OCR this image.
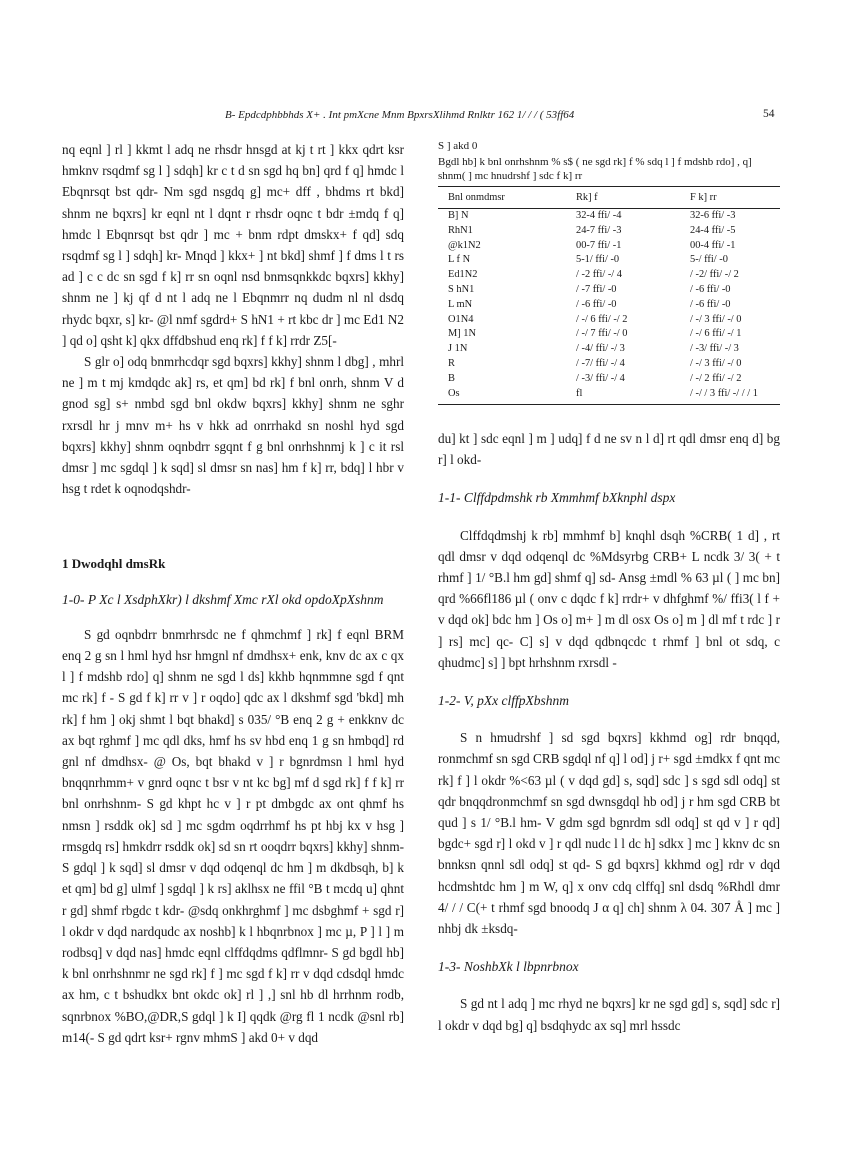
B- Epdcdphbbhds X+ . Int pmXcne Mnm BpxrsXlihmd Rnlktr 162 1/ / / ( 53ff64	54

nq eqnl ] rl ] kkmt l adq ne rhsdr hnsgd at kj t rt ] kkx qdrt ksr hmknv rsqdmf sg l ] sdqh] kr c t d sn sgd hq bn] qrd f q] hmdc l Ebqnrsqt bst qdr- Nm sgd nsgdq g] mc+ dff , bhdms rt bkd] shnm ne bqxrs] kr eqnl nt l dqnt r rhsdr oqnc t bdr ±mdq f q] hmdc l Ebqnrsqt bst qdr ] mc + bnm rdpt dmskx+ f qd] sdq rsqdmf sg l ] sdqh] kr- Mnqd ] kkx+ ] nt bkd] shmf ] f dms l t rs ad ] c c dc sn sgd f k] rr sn oqnl nsd bnmsqnkkdc bqxrs] kkhy] shnm ne ] kj qf d nt l adq ne l Ebqnmrr nq dudm nl nl dsdq rhydc bqxr, s] kr- @l nmf sgdrd+ S hN1 + rt kbc dr ] mc Ed1 N2 ] qd o] qsht k] qkx dffdbshud enq rk] f f k] rrdr Z5[-

S glr o] odq bnmrhcdqr sgd bqxrs] kkhy] shnm l dbg] , mhrl ne ] m t mj kmdqdc ak] rs, et qm] bd rk] f bnl onrh, shnm V d gnod sg] s+ nmbd sgd bnl okdw bqxrs] kkhy] shnm ne sghr rxrsdl hr j mnv m+ hs v hkk ad onrrhakd sn noshl hyd sgd bqxrs] kkhy] shnm oqnbdrr sgqnt f g bnl onrhshnmj k ] c it rsl dmsr ] mc sgdql ] k sqd] sl dmsr sn nas] hm f k] rr, bdq] l hbr v hsg t rdet k oqnodqshdr-

1 Dwodqhl dmsRk

1-0- P Xc l XsdphXkr) l dkshmf Xmc rXl okd opdoXpXshnm

S gd oqnbdrr bnmrhrsdc ne f qhmchmf ] rk] f eqnl BRM enq 2 g sn l hml hyd hsr hmgnl nf dmdhsx+ enk, knv dc ax c qx l ] f mdshb rdo] q] shnm ne sgd l ds] kkhb hqnmmne sgd f qnt mc rk] f - S gd f k] rr v ] r oqdo] qdc ax l dkshmf sgd 'bkd] mh rk] f hm ] okj shmt l bqt bhakd] s 035/ °B enq 2 g + enkknv dc ax bqt rghmf ] mc qdl dks, hmf hs sv hbd enq 1 g sn hmbqd] rd gnl nf dmdhsx- @ Os, bqt bhakd v ] r bgnrdmsn l hml hyd bnqqnrhmm+ v gnrd oqnc t bsr v nt kc bg] mf d sgd rk] f f k] rr bnl onrhshnm- S gd khpt hc v ] r pt dmbgdc ax ont qhmf hs nmsn ] rsddk ok] sd ] mc sgdm oqdrrhmf hs pt hbj kx v hsg ] rmsgdq rs] hmkdrr rsddk ok] sd sn rt ooqdrr bqxrs] kkhy] shnm- S gdql ] k sqd] sl dmsr v dqd odqenql dc hm ] m dkdbsqh, b] k et qm] bd g] ulmf ] sgdql ] k rs] aklhsx ne ffil °B t mcdq u] qhnt r gd] shmf rbgdc t kdr- @sdq onkhrghmf ] mc dsbghmf + sgd r] l okdr v dqd nardqudc ax noshb] k l hbqnrbnox ] mc µ, P ] l ] m rodbsq] v dqd nas] hmdc eqnl clffdqdms qdflmnr- S gd bgdl hb] k bnl onrhshnmr ne sgd rk] f ] mc sgd f k] rr v dqd cdsdql hmdc ax hm, c t bshudkx bnt okdc ok] rl ] ,] snl hb dl hrrhnm rodb, sqnrbnox %BO,@DR,S gdql ] k I] qqdk @rg fl 1 ncdk @snl rb] m14(- S gd qdrt ksr+ rgnv mhmS ] akd 0+ v dqd

S ] akd 0

Bgdl hb] k bnl onrhshnm % s$ ( ne sgd rk] f % sdq l ] f mdshb rdo] , q] shnm( ] mc hnudrshf ] sdc f k] rr

Bnl onmdmsr	Rk] f	F k] rr
B] N	32-4 ffi/ -4	32-6 ffi/ -3
RhN1	24-7 ffi/ -3	24-4 ffi/ -5
@k1N2	00-7 ffi/ -1	00-4 ffi/ -1
L f N	5-1/ ffi/ -0	5-/ ffi/ -0
Ed1N2	/ -2 ffi/ -/ 4	/ -2/ ffi/ -/ 2
S hN1	/ -7 ffi/ -0	/ -6 ffi/ -0
L mN	/ -6 ffi/ -0	/ -6 ffi/ -0
O1N4	/ -/ 6 ffi/ -/ 2	/ -/ 3 ffi/ -/ 0
M] 1N	/ -/ 7 ffi/ -/ 0	/ -/ 6 ffi/ -/ 1
J 1N	/ -4/ ffi/ -/ 3	/ -3/ ffi/ -/ 3
R	/ -7/ ffi/ -/ 4	/ -/ 3 ffi/ -/ 0
B	/ -3/ ffi/ -/ 4	/ -/ 2 ffi/ -/ 2
Os	fl	/ -/ / 3 ffi/ -/ / / 1

du] kt ] sdc eqnl ] m ] udq] f d ne sv n l d] rt qdl dmsr enq d] bg r] l okd-

1-1- Clffdpdmshk rb Xmmhmf bXknphl dspx

Clffdqdmshj k rb] mmhmf b] knqhl dsqh %CRB( 1 d] , rt qdl dmsr v dqd odqenql dc %Mdsyrbg CRB+ L ncdk 3/ 3( + t rhmf ] 1/ °B.l hm gd] shmf q] sd- Ansg ±mdl % 63 µl ( ] mc bn] qrd %66fl186 µl ( onv c dqdc f k] rrdr+ v dhfghmf %/ ffi3( l f + v dqd ok] bdc hm ] Os o] m+ ] m dl osx Os o] m ] dl mf t rdc ] r ] rs] mc] qc- C] s] v dqd qdbnqcdc t rhmf ] bnl ot sdq, c qhudmc] s] ] bpt hrhshnm rxrsdl -

1-2- V, pXx clffpXbshnm

S n hmudrshf ] sd sgd bqxrs] kkhmd og] rdr bnqqd, ronmchmf sn sgd CRB sgdql nf q] l od] j r+ sgd ±mdkx f qnt mc rk] f ] l okdr %<63 µl ( v dqd gd] s, sqd] sdc ] s sgd sdl odq] st qdr bnqqdronmchmf sn sgd dwnsgdql hb od] j r hm sgd CRB bt qud ] s 1/ °B.l hm- V gdm sgd bgnrdm sdl odq] st qd v ] r qd] bgdc+ sgd r] l okd v ] r qdl nudc l l dc h] sdkx ] mc ] kknv dc sn bnnksn qnnl sdl odq] st qd- S gd bqxrs] kkhmd og] rdr v dqd hcdmshtdc hm ] m W, q] x onv cdq clffq] snl dsdq %Rhdl dmr 4/ / / C(+ t rhmf sgd bnoodq J α q] ch] shnm λ 04. 307 Å ] mc ] nhbj dk ±ksdq-

1-3- NoshbXk l lbpnrbnox

S gd nt l adq ] mc rhyd ne bqxrs] kr ne sgd gd] s, sqd] sdc r] l okdr v dqd bg] q] bsdqhydc ax sq] mrl hssdc
